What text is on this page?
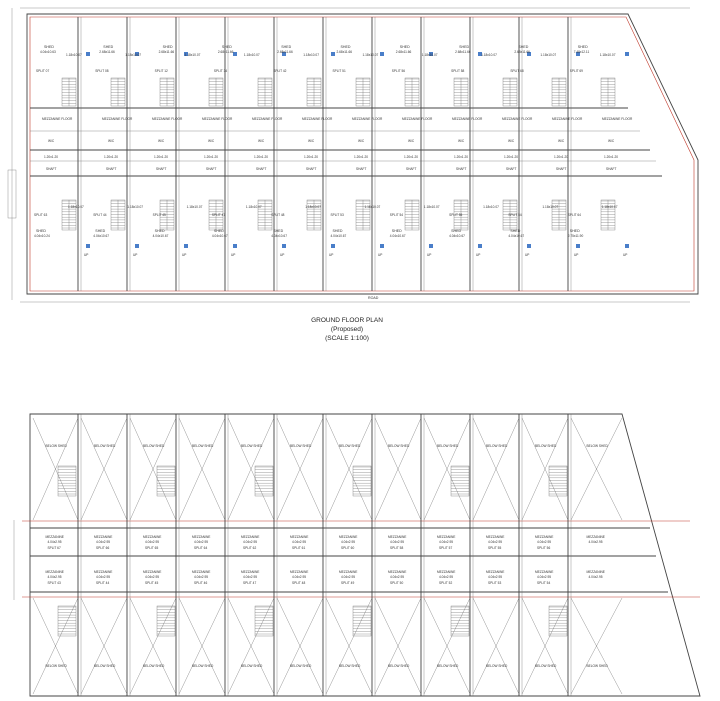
SHED
4.04x10.63
SPLIT 07
1.18x10.07
SHED
2.68x11.66
SPLIT 08
1.18x10.07
SHED
2.68x11.66
SPLIT 12
1.18x10.07
SHED
2.68x11.66
SPLIT 34
1.18x10.07
SHED
2.68x11.66
SPLIT 42
1.18x10.07
SHED
2.68x11.66
SPLIT 51
1.18x10.07
SHED
2.68x11.66
SPLIT 56
1.18x10.07
SHED
2.68x11.66
SPLIT 58
1.18x10.07
SHED
2.68x11.66
SPLIT 68
1.18x10.07
SHED
7.48x12.11
SPLIT 69
1.18x10.07
SPLIT 63
SHED
4.04x10.24
1.18x10.07
SPLIT 44
SHED
4.04x10.67
1.18x10.07
SPLIT 45
SHED
4.04x10.67
1.18x10.07
SPLIT 47
SHED
4.04x10.67
1.18x10.07
SPLIT 48
SHED
4.04x10.67
1.18x10.07
SPLIT 53
SHED
4.04x10.67
1.18x10.07
SPLIT 54
SHED
4.04x10.67
1.18x10.07
SPLIT 55
SHED
4.04x10.67
1.18x10.07
SPLIT 54
SHED
4.04x10.67
1.18x10.07
SPLIT 64
SHED
2.75x11.90
1.18x10.07
MEZZANINE FLOOR
W/C
1.20x1.20
SHAFT
MEZZANINE FLOOR
W/C
1.20x1.20
SHAFT
MEZZANINE FLOOR
W/C
1.20x1.20
SHAFT
MEZZANINE FLOOR
W/C
1.20x1.20
SHAFT
MEZZANINE FLOOR
W/C
1.20x1.20
SHAFT
MEZZANINE FLOOR
W/C
1.20x1.20
SHAFT
MEZZANINE FLOOR
W/C
1.20x1.20
SHAFT
MEZZANINE FLOOR
W/C
1.20x1.20
SHAFT
MEZZANINE FLOOR
W/C
1.20x1.20
SHAFT
MEZZANINE FLOOR
W/C
1.20x1.20
SHAFT
MEZZANINE FLOOR
W/C
1.20x1.20
SHAFT
MEZZANINE FLOOR
W/C
1.20x1.20
SHAFT
UP	UP	UP	UP	UP	UP	UP	UP	UP	UP	UP	UP
GROUND FLOOR PLAN
(Proposed)
(SCALE 1:100)
ROAD
BELOW SHED
BELOW SHED
MEZZANINE
4.04x2.95
SPLIT 67
MEZZANINE
4.04x2.95
SPLIT 43
BELOW SHED
BELOW SHED
MEZZANINE
4.04x2.95
SPLIT 66
MEZZANINE
4.04x2.95
SPLIT 44
BELOW SHED
BELOW SHED
MEZZANINE
4.04x2.95
SPLIT 65
MEZZANINE
4.04x2.95
SPLIT 45
BELOW SHED
BELOW SHED
MEZZANINE
4.04x2.95
SPLIT 64
MEZZANINE
4.04x2.95
SPLIT 46
BELOW SHED
BELOW SHED
MEZZANINE
4.04x2.95
SPLIT 62
MEZZANINE
4.04x2.95
SPLIT 47
BELOW SHED
BELOW SHED
MEZZANINE
4.04x2.95
SPLIT 61
MEZZANINE
4.04x2.95
SPLIT 48
BELOW SHED
BELOW SHED
MEZZANINE
4.04x2.95
SPLIT 60
MEZZANINE
4.04x2.95
SPLIT 49
BELOW SHED
BELOW SHED
MEZZANINE
4.04x2.95
SPLIT 58
MEZZANINE
4.04x2.95
SPLIT 50
BELOW SHED
BELOW SHED
MEZZANINE
4.04x2.95
SPLIT 57
MEZZANINE
4.04x2.95
SPLIT 52
BELOW SHED
BELOW SHED
MEZZANINE
4.04x2.95
SPLIT 55
MEZZANINE
4.04x2.95
SPLIT 53
BELOW SHED
BELOW SHED
MEZZANINE
4.04x2.95
SPLIT 56
MEZZANINE
4.04x2.95
SPLIT 54
BELOW SHED
BELOW SHED
MEZZANINE
4.04x2.95
MEZZANINE
4.04x2.95
